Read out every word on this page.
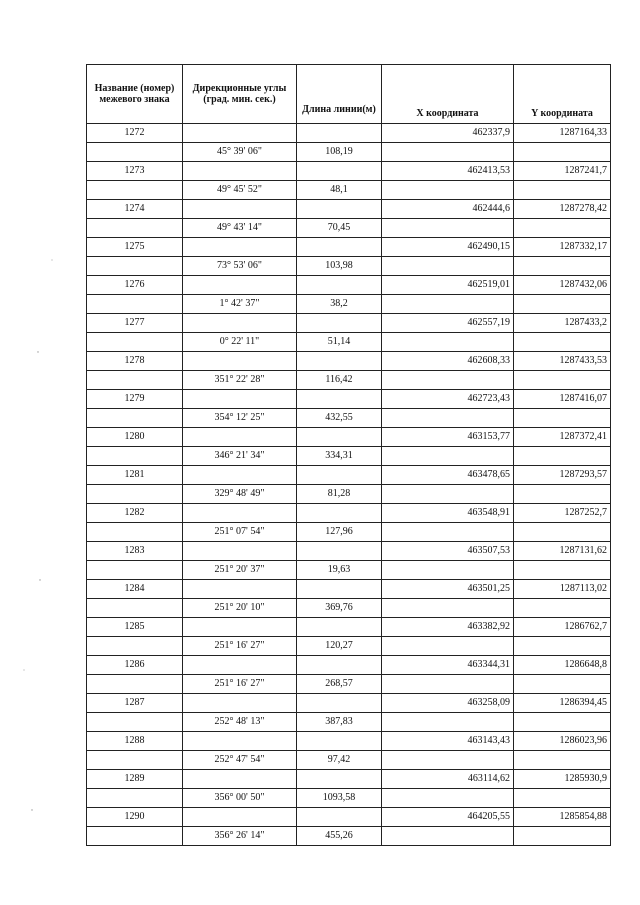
Название (номер) межевого знака	Дирекционные углы (град. мин. сек.)	Длина линии(м)	X координата	Y координата
1272			462337,9	1287164,33
	45° 39' 06"	108,19		
1273			462413,53	1287241,7
	49° 45' 52"	48,1		
1274			462444,6	1287278,42
	49° 43' 14"	70,45		
1275			462490,15	1287332,17
	73° 53' 06"	103,98		
1276			462519,01	1287432,06
	1° 42' 37"	38,2		
1277			462557,19	1287433,2
	0° 22' 11"	51,14		
1278			462608,33	1287433,53
	351° 22' 28"	116,42		
1279			462723,43	1287416,07
	354° 12' 25"	432,55		
1280			463153,77	1287372,41
	346° 21' 34"	334,31		
1281			463478,65	1287293,57
	329° 48' 49"	81,28		
1282			463548,91	1287252,7
	251° 07' 54"	127,96		
1283			463507,53	1287131,62
	251° 20' 37"	19,63		
1284			463501,25	1287113,02
	251° 20' 10"	369,76		
1285			463382,92	1286762,7
	251° 16' 27"	120,27		
1286			463344,31	1286648,8
	251° 16' 27"	268,57		
1287			463258,09	1286394,45
	252° 48' 13"	387,83		
1288			463143,43	1286023,96
	252° 47' 54"	97,42		
1289			463114,62	1285930,9
	356° 00' 50"	1093,58		
1290			464205,55	1285854,88
	356° 26' 14"	455,26		
